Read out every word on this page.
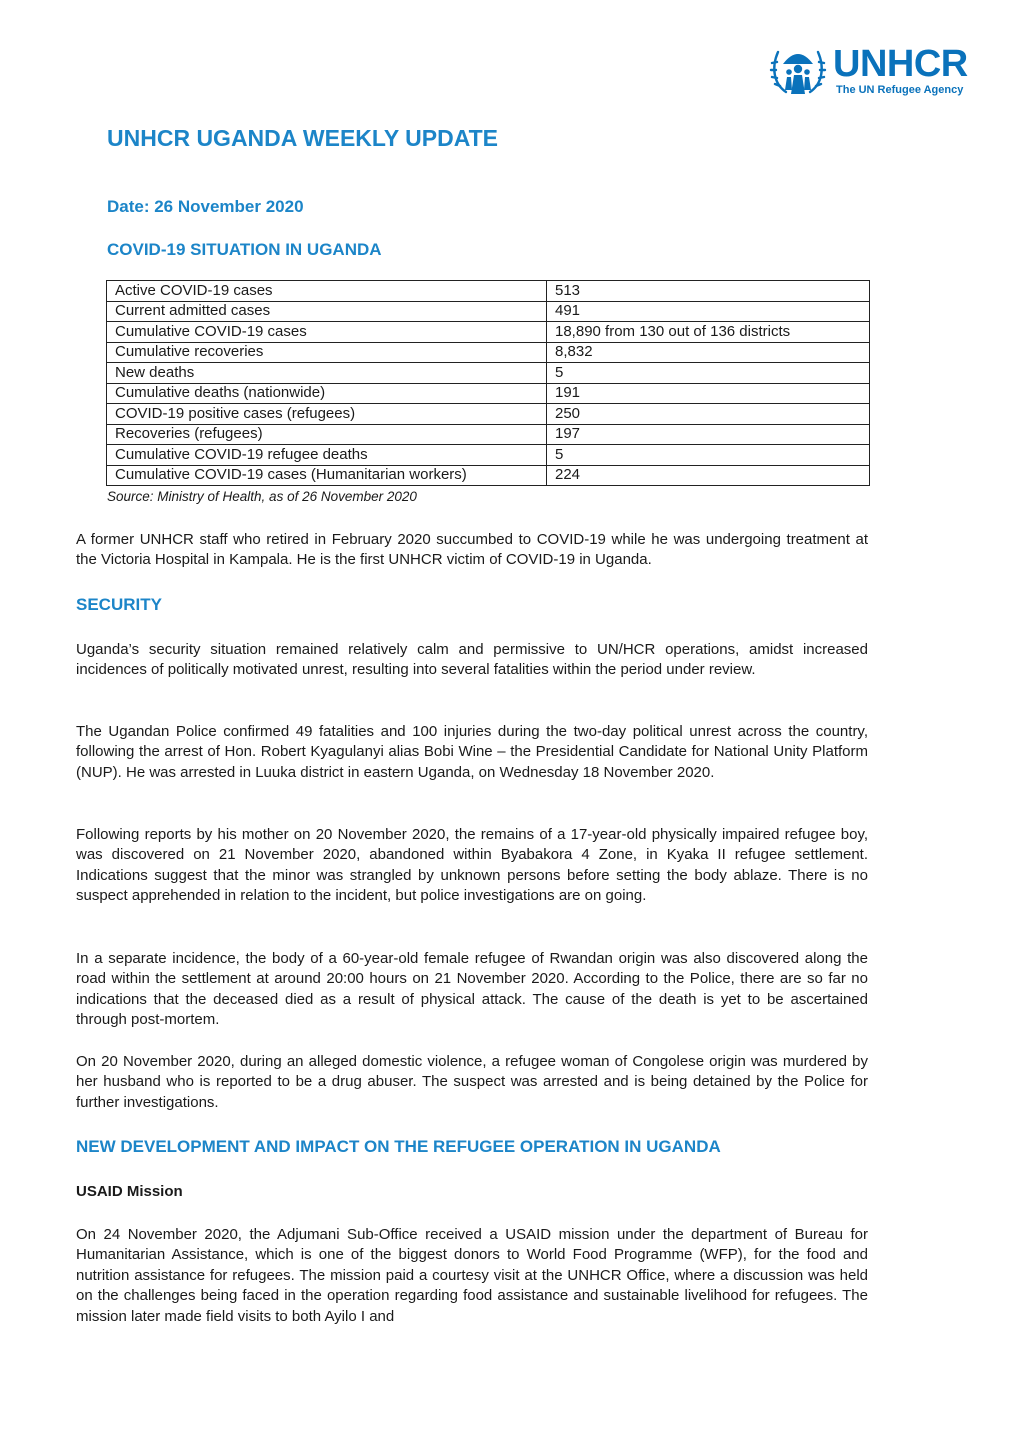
UNHCR
The UN Refugee Agency
UNHCR UGANDA WEEKLY UPDATE
Date: 26 November 2020
COVID-19 SITUATION IN UGANDA
Active COVID-19 cases	513
Current admitted cases	491
Cumulative COVID-19 cases	18,890 from 130 out of 136 districts
Cumulative recoveries	8,832
New deaths	5
Cumulative deaths (nationwide)	191
COVID-19 positive cases (refugees)	250
Recoveries (refugees)	197
Cumulative COVID-19 refugee deaths	5
Cumulative COVID-19 cases (Humanitarian workers)	224
Source: Ministry of Health, as of 26 November 2020

A former UNHCR staff who retired in February 2020 succumbed to COVID-19 while he was undergoing treatment at the Victoria Hospital in Kampala. He is the first UNHCR victim of COVID-19 in Uganda.

SECURITY

Uganda’s security situation remained relatively calm and permissive to UN/HCR operations, amidst increased incidences of politically motivated unrest, resulting into several fatalities within the period under review.

The Ugandan Police confirmed 49 fatalities and 100 injuries during the two-day political unrest across the country, following the arrest of Hon. Robert Kyagulanyi alias Bobi Wine – the Presidential Candidate for National Unity Platform (NUP). He was arrested in Luuka district in eastern Uganda, on Wednesday 18 November 2020.

Following reports by his mother on 20 November 2020, the remains of a 17-year-old physically impaired refugee boy, was discovered on 21 November 2020, abandoned within Byabakora 4 Zone, in Kyaka II refugee settlement. Indications suggest that the minor was strangled by unknown persons before setting the body ablaze. There is no suspect apprehended in relation to the incident, but police investigations are on going.

In a separate incidence, the body of a 60-year-old female refugee of Rwandan origin was also discovered along the road within the settlement at around 20:00 hours on 21 November 2020. According to the Police, there are so far no indications that the deceased died as a result of physical attack. The cause of the death is yet to be ascertained through post-mortem.

On 20 November 2020, during an alleged domestic violence, a refugee woman of Congolese origin was murdered by her husband who is reported to be a drug abuser. The suspect was arrested and is being detained by the Police for further investigations.

NEW DEVELOPMENT AND IMPACT ON THE REFUGEE OPERATION IN UGANDA
USAID Mission

On 24 November 2020, the Adjumani Sub-Office received a USAID mission under the department of Bureau for Humanitarian Assistance, which is one of the biggest donors to World Food Programme (WFP), for the food and nutrition assistance for refugees. The mission paid a courtesy visit at the UNHCR Office, where a discussion was held on the challenges being faced in the operation regarding food assistance and sustainable livelihood for refugees. The mission later made field visits to both Ayilo I and
